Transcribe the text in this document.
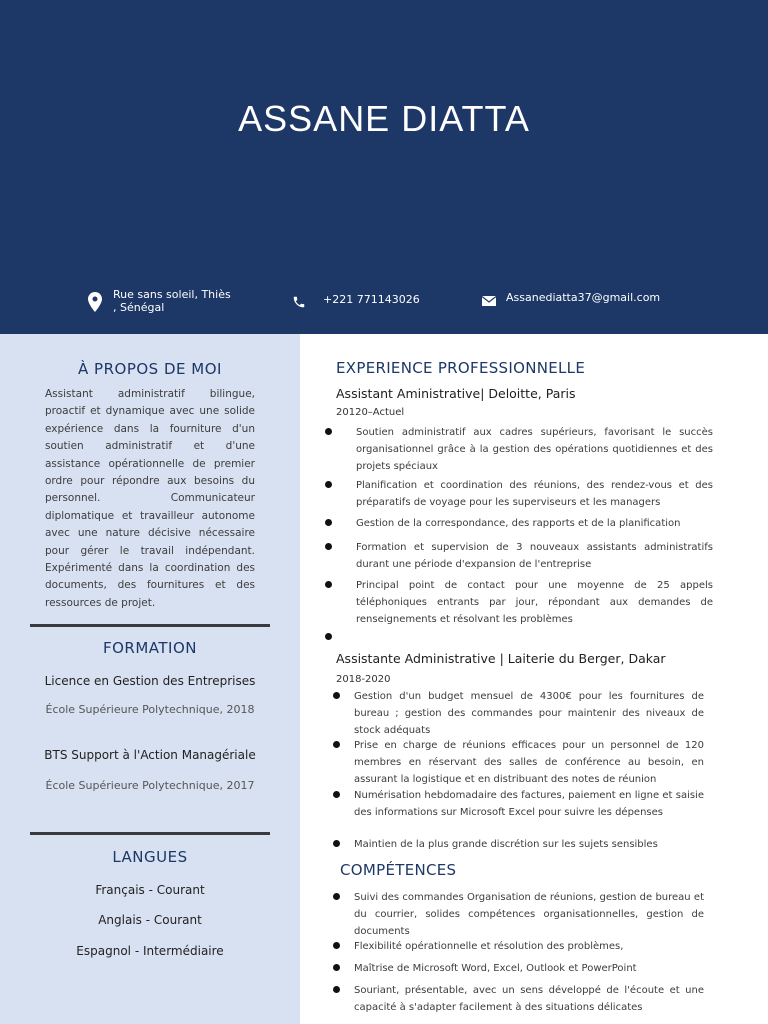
ASSANE DIATTA
Rue sans soleil, Thiès
, Sénégal
+221 771143026	Assanediatta37@gmail.com
À PROPOS DE MOI

Assistant administratif bilingue, proactif et dynamique avec une solide expérience dans la fourniture d'un soutien administratif et d'une assistance opérationnelle de premier ordre pour répondre aux besoins du personnel. Communicateur diplomatique et travailleur autonome avec une nature décisive nécessaire pour gérer le travail indépendant. Expérimenté dans la coordination des documents, des fournitures et des ressources de projet.

FORMATION
Licence en Gestion des Entreprises
École Supérieure Polytechnique, 2018
BTS Support à l'Action Managériale
École Supérieure Polytechnique, 2017
LANGUES
Français - Courant
Anglais - Courant
Espagnol - Intermédiaire
EXPERIENCE PROFESSIONNELLE
Assistant Aministrative| Deloitte, Paris
20120–Actuel

Soutien administratif aux cadres supérieurs, favorisant le succès organisationnel grâce à la gestion des opérations quotidiennes et des projets spéciaux

Planification et coordination des réunions, des rendez-vous et des préparatifs de voyage pour les superviseurs et les managers

Gestion de la correspondance, des rapports et de la planification

Formation et supervision de 3 nouveaux assistants administratifs durant une période d'expansion de l'entreprise

Principal point de contact pour une moyenne de 25 appels téléphoniques entrants par jour, répondant aux demandes de renseignements et résolvant les problèmes

Assistante Administrative | Laiterie du Berger, Dakar
2018-2020

Gestion d'un budget mensuel de 4300€ pour les fournitures de bureau ; gestion des commandes pour maintenir des niveaux de stock adéquats

Prise en charge de réunions efficaces pour un personnel de 120 membres en réservant des salles de conférence au besoin, en assurant la logistique et en distribuant des notes de réunion

Numérisation hebdomadaire des factures, paiement en ligne et saisie des informations sur Microsoft Excel pour suivre les dépenses

Maintien de la plus grande discrétion sur les sujets sensibles

COMPÉTENCES

Suivi des commandes Organisation de réunions, gestion de bureau et du courrier, solides compétences organisationnelles, gestion de documents

Flexibilité opérationnelle et résolution des problèmes,

Maîtrise de Microsoft Word, Excel, Outlook et PowerPoint

Souriant, présentable, avec un sens développé de l'écoute et une capacité à s'adapter facilement à des situations délicates
